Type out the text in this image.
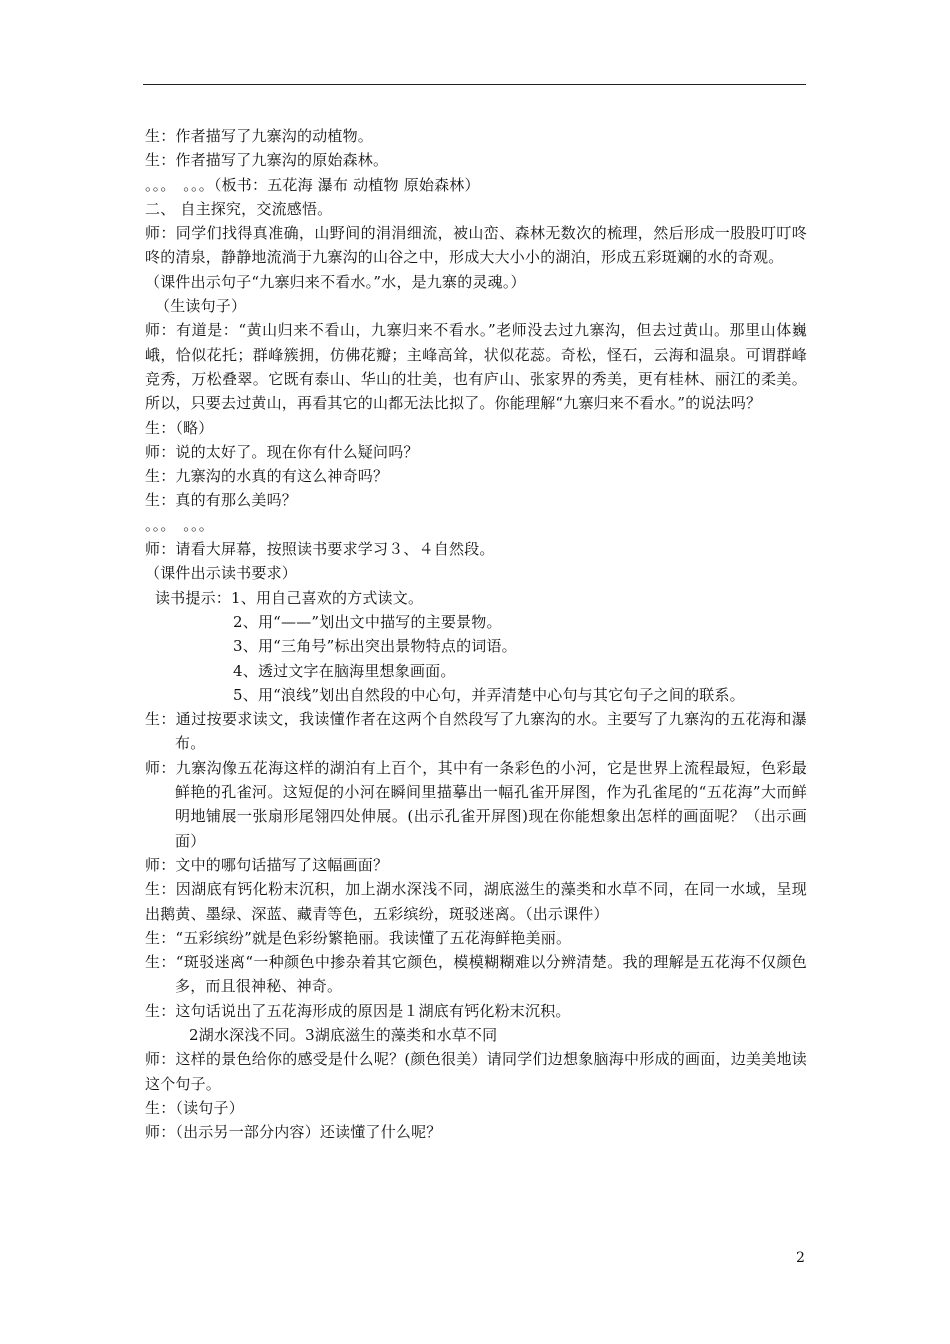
生：作者描写了九寨沟的动植物。

生：作者描写了九寨沟的原始森林。

。。。　。。。（板书：五花海 瀑布 动植物 原始森林）

二、 自主探究，交流感悟。

师：同学们找得真准确，山野间的涓涓细流，被山峦、森林无数次的梳理，然后形成一股股叮叮咚咚的清泉，静静地流淌于九寨沟的山谷之中，形成大大小小的湖泊，形成五彩斑斓的水的奇观。

（课件出示句子“九寨归来不看水。”水，是九寨的灵魂。）

（生读句子）

师：有道是：“黄山归来不看山，九寨归来不看水。”老师没去过九寨沟，但去过黄山。那里山体巍峨，恰似花托；群峰簇拥，仿佛花瓣；主峰高耸，状似花蕊。奇松，怪石，云海和温泉。可谓群峰竞秀，万松叠翠。它既有泰山、华山的壮美，也有庐山、张家界的秀美，更有桂林、丽江的柔美。所以，只要去过黄山，再看其它的山都无法比拟了。你能理解“九寨归来不看水。”的说法吗？

生：（略）

师：说的太好了。现在你有什么疑问吗？

生：九寨沟的水真的有这么神奇吗？

生：真的有那么美吗？

。。。　。。。

师：请看大屏幕，按照读书要求学习３、４自然段。

（课件出示读书要求）

读书提示：1、用自己喜欢的方式读文。

2、用“——”划出文中描写的主要景物。

3、用“三角号”标出突出景物特点的词语。

4、透过文字在脑海里想象画面。

5、用“浪线”划出自然段的中心句，并弄清楚中心句与其它句子之间的联系。

生：通过按要求读文，我读懂作者在这两个自然段写了九寨沟的水。主要写了九寨沟的五花海和瀑布。

师：九寨沟像五花海这样的湖泊有上百个，其中有一条彩色的小河，它是世界上流程最短，色彩最鲜艳的孔雀河。这短促的小河在瞬间里描摹出一幅孔雀开屏图，作为孔雀尾的“五花海”大而鲜明地铺展一张扇形尾翎四处伸展。(出示孔雀开屏图)现在你能想象出怎样的画面呢？（出示画面）

师：文中的哪句话描写了这幅画面？

生：因湖底有钙化粉末沉积，加上湖水深浅不同，湖底滋生的藻类和水草不同，在同一水域，呈现出鹅黄、墨绿、深蓝、藏青等色，五彩缤纷，斑驳迷离。（出示课件）

生：“五彩缤纷”就是色彩纷繁艳丽。我读懂了五花海鲜艳美丽。

生：“斑驳迷离“一种颜色中掺杂着其它颜色，模模糊糊难以分辨清楚。我的理解是五花海不仅颜色多，而且很神秘、神奇。

生：这句话说出了五花海形成的原因是１湖底有钙化粉末沉积。

2湖水深浅不同。3湖底滋生的藻类和水草不同

师：这样的景色给你的感受是什么呢？(颜色很美）请同学们边想象脑海中形成的画面，边美美地读这个句子。

生：（读句子）

师：（出示另一部分内容）还读懂了什么呢？

2
